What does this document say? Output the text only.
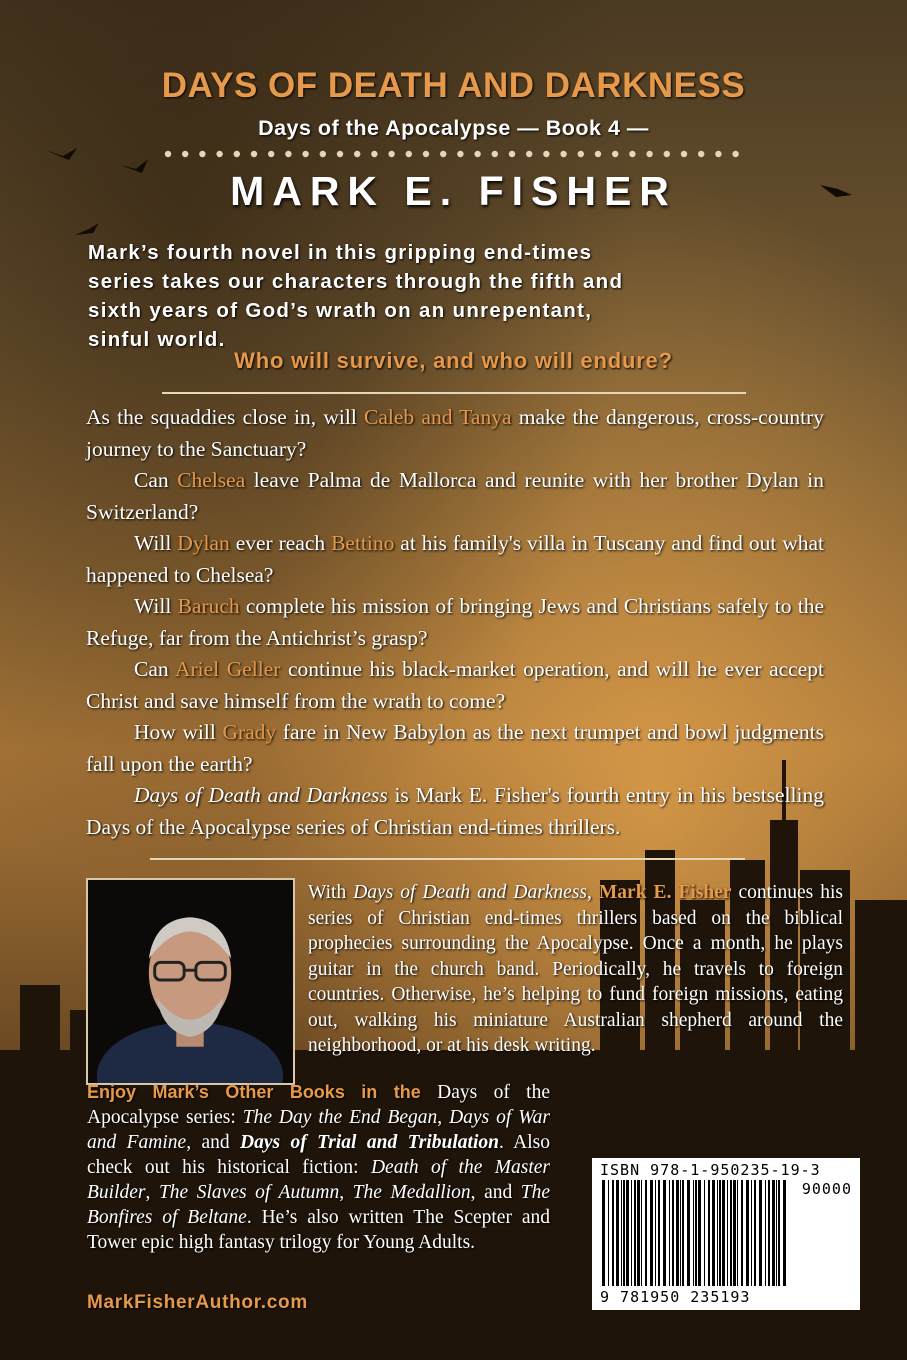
DAYS OF DEATH AND DARKNESS
Days of the Apocalypse — Book 4 —
MARK E. FISHER
Mark’s fourth novel in this gripping end-times
series takes our characters through the fifth and
sixth years of God’s wrath on an unrepentant,
sinful world.
Who will survive, and who will endure?

As the squaddies close in, will Caleb and Tanya make the dangerous, cross-country journey to the Sanctuary?

Can Chelsea leave Palma de Mallorca and reunite with her brother Dylan in Switzerland?

Will Dylan ever reach Bettino at his family's villa in Tuscany and find out what happened to Chelsea?

Will Baruch complete his mission of bringing Jews and Christians safely to the Refuge, far from the Antichrist’s grasp?

Can Ariel Geller continue his black-market operation, and will he ever accept Christ and save himself from the wrath to come?

How will Grady fare in New Babylon as the next trumpet and bowl judgments fall upon the earth?

Days of Death and Darkness is Mark E. Fisher's fourth entry in his bestselling Days of the Apocalypse series of Christian end-times thrillers.

With Days of Death and Darkness, Mark E. Fisher continues his series of Christian end-times thrillers based on the biblical prophecies surrounding the Apocalypse. Once a month, he plays guitar in the church band. Periodically, he travels to foreign countries. Otherwise, he’s helping to fund foreign missions, eating out, walking his miniature Australian shepherd around the neighborhood, or at his desk writing.
Enjoy Mark’s Other Books in the Days of the Apocalypse series: The Day the End Began, Days of War and Famine, and Days of Trial and Tribulation. Also check out his historical fiction: Death of the Master Builder, The Slaves of Autumn, The Medallion, and The Bonfires of Beltane. He’s also written The Scepter and Tower epic high fantasy trilogy for Young Adults.
MarkFisherAuthor.com
ISBN 978-1-950235-19-3
90000
9 781950 235193
